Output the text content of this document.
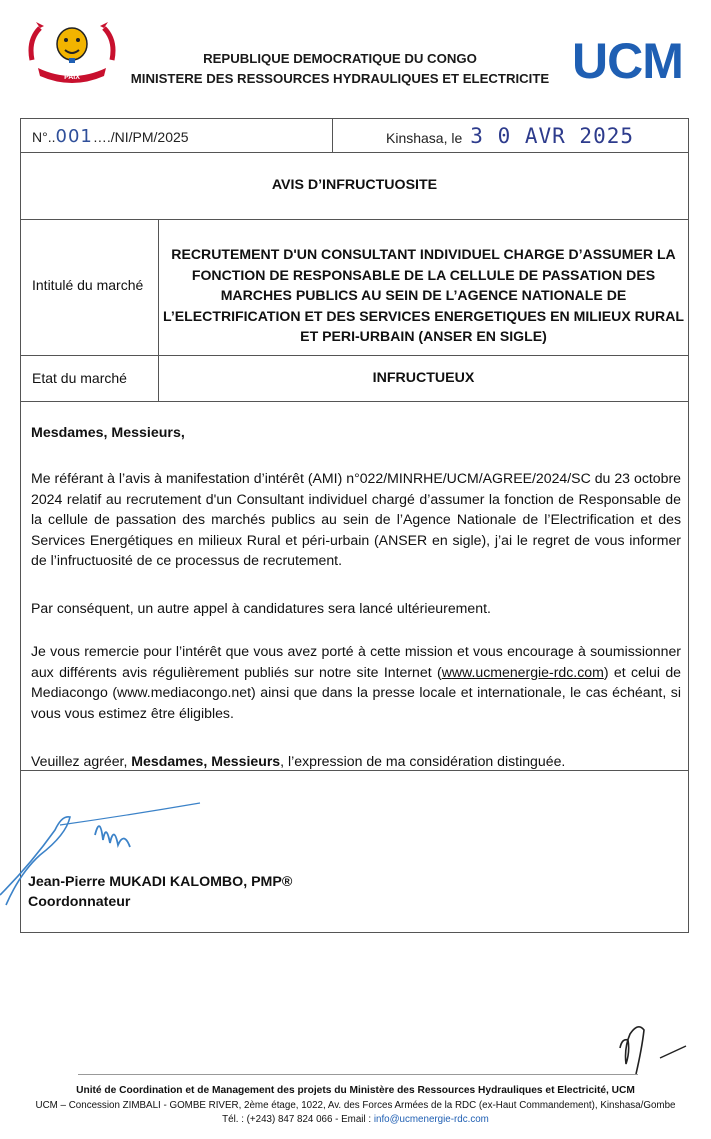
PAIX
REPUBLIQUE DEMOCRATIQUE DU CONGO
MINISTERE DES RESSOURCES HYDRAULIQUES ET ELECTRICITE UCM
N°..001…./NI/PM/2025	Kinshasa, le 3 0 AVR 2025
AVIS D’INFRUCTUOSITE
Intitulé du marché
RECRUTEMENT D'UN CONSULTANT INDIVIDUEL CHARGE D’ASSUMER LA FONCTION DE RESPONSABLE DE LA CELLULE DE PASSATION DES MARCHES PUBLICS AU SEIN DE L’AGENCE NATIONALE DE L’ELECTRIFICATION ET DES SERVICES ENERGETIQUES EN MILIEUX RURAL ET PERI-URBAIN (ANSER EN SIGLE)
Etat du marché	INFRUCTUEUX
Mesdames, Messieurs,
Me référant à l’avis à manifestation d’intérêt (AMI) n°022/MINRHE/UCM/AGREE/2024/SC du 23 octobre 2024 relatif au recrutement d'un Consultant individuel chargé d’assumer la fonction de Responsable de la cellule de passation des marchés publics au sein de l’Agence Nationale de l’Electrification et des Services Energétiques en milieux Rural et péri-urbain (ANSER en sigle), j’ai le regret de vous informer de l’infructuosité de ce processus de recrutement.
Par conséquent, un autre appel à candidatures sera lancé ultérieurement.
Je vous remercie pour l’intérêt que vous avez porté à cette mission et vous encourage à soumissionner aux différents avis régulièrement publiés sur notre site Internet (www.ucmenergie-rdc.com) et celui de Mediacongo (www.mediacongo.net) ainsi que dans la presse locale et internationale, le cas échéant, si vous vous estimez être éligibles.
Veuillez agréer, Mesdames, Messieurs, l’expression de ma considération distinguée.
Jean-Pierre MUKADI KALOMBO, PMP®
Coordonnateur
Unité de Coordination et de Management des projets du Ministère des Ressources Hydrauliques et Electricité, UCM
UCM – Concession ZIMBALI - GOMBE RIVER, 2ème étage, 1022, Av. des Forces Armées de la RDC (ex-Haut Commandement), Kinshasa/Gombe
Tél. : (+243) 847 824 066 - Email : info@ucmenergie-rdc.com
